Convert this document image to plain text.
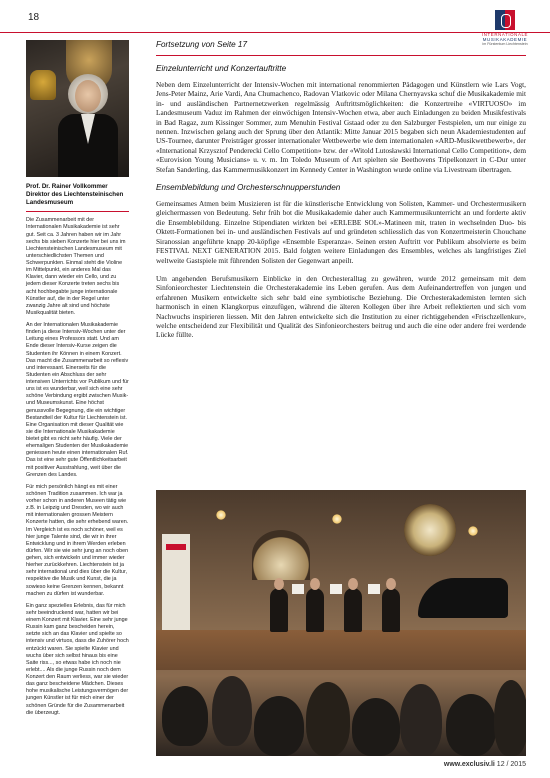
18
INTERNATIONALE
MUSIKAKADEMIE
im Fürstentum Liechtenstein
Prof. Dr. Rainer Vollkommer
Direktor des Liechtensteinischen Landesmuseum

Die Zusammenarbeit mit der Internationalen Musikakademie ist sehr gut. Seit ca. 3 Jahren haben wir im Jahr sechs bis sieben Konzerte hier bei uns im Liechtensteinischen Landesmuseum mit unterschiedlichsten Themen und Schwerpunkten. Einmal steht die Violine im Mittelpunkt, ein anderes Mal das Klavier, dann wieder ein Cello, und zu jedem dieser Konzerte treten sechs bis acht hochbegabte junge internationale Künstler auf, die in der Regel unter zwanzig Jahre alt sind und höchste Musikqualität bieten.

An der Internationalen Musikakademie finden ja diese Intensiv-Wochen unter der Leitung eines Professors statt. Und am Ende dieser Intensiv-Kurse zeigen die Studenten ihr Können in einem Konzert. Das macht die Zusammenarbeit so reflexiv und interessant. Einerseits für die Studenten ein Abschluss der sehr intensiven Unterrichts vor Publikum und für uns ist es wunderbar, weil sich eine sehr schöne Verbindung ergibt zwischen Musik- und Museumskunst. Eine höchst genussvolle Begegnung, die ein wichtiger Bestandteil der Kultur für Liechtenstein ist. Eine Organisation mit dieser Qualität wie sie die Internationale Musikakademie bietet gibt es nicht sehr häufig. Viele der ehemaligen Studenten der Musikakademie geniessen heute einen internationalen Ruf. Das ist eine sehr gute Öffentlichkeitsarbeit mit positiver Ausstrahlung, weit über die Grenzen des Landes.

Für mich persönlich hängt es mit einer schönen Tradition zusammen. Ich war ja vorher schon in anderen Museen tätig wie z.B. in Leipzig und Dresden, wo wir auch mit internationalen grossen Meistern Konzerte hatten, die sehr erhebend waren. Im Vergleich ist es noch schöner, weil es hier junge Talente sind, die wir in ihrer Entwicklung und in ihrem Werden erleben dürfen. Wir sie wie sehr jung an noch oben gehen, sich entwickeln und immer wieder hierher zurückkehren. Liechtenstein ist ja sehr international und dies über die Kultur, respektive die Musik und Kunst, die ja sowieso keine Grenzen kennen, bekannt machen zu dürfen ist wunderbar.

Ein ganz spezielles Erlebnis, das für mich sehr beeindruckend war, hatten wir bei einem Konzert mit Klavier. Eine sehr junge Russin kam ganz bescheiden herein, setzte sich an das Klavier und spielte so intensiv und virtuos, dass die Zuhörer hoch entzückt waren. Sie spielte Klavier und wuchs über sich selbst hinaus bis eine Saite riss..., so etwas habe ich noch nie erlebt.... Als die junge Russin noch dem Konzert den Raum verliess, war sie wieder das ganz bescheidene Mädchen. Dieses hohe musikalische Leistungsvermögen der jungen Künstler ist für mich einer der schönen Gründe für die Zusammenarbeit die überzeugt.

Fortsetzung von Seite 17
Einzelunterricht und Konzertauftritte

Neben dem Einzelunterricht der Intensiv-Wochen mit international renommierten Pädagogen und Künstlern wie Lars Vogt, Jens-Peter Mainz, Arie Vardi, Ana Chumachenco, Radovan Vlatkovic oder Milana Chernyavska schuf die Musikakademie mit in- und ausländischen Partnernetzwerken regelmässig Auftrittsmöglichkeiten: die Konzertreihe «VIRTUOSO» im Landesmuseum Vaduz im Rahmen der einwöchigen Intensiv-Wochen etwa, aber auch Einladungen zu beiden Musikfestivals in Bad Ragaz, zum Kissinger Sommer, zum Menuhin Festival Gstaad oder zu den Salzburger Festspielen, um nur einige zu nennen. Inzwischen gelang auch der Sprung über den Atlantik: Mitte Januar 2015 begaben sich neun Akademiestudenten auf US-Tournee, darunter Preisträger grosser internationaler Wettbewerbe wie dem internationalen «ARD-Musikwettbewerb», der «International Krzysztof Penderecki Cello Competition» bzw. der «Witold Lutosławski International Cello Competition», dem «Eurovision Young Musicians» u. v. m. Im Toledo Museum of Art spielten sie Beethovens Tripelkonzert in C-Dur unter Stefan Sanderling, das Kammermusikkonzert im Kennedy Center in Washington wurde online via Livestream übertragen.

Ensemblebildung und Orchesterschnupperstunden

Gemeinsames Atmen beim Musizieren ist für die künstlerische Entwicklung von Solisten, Kammer- und Orchestermusikern gleichermassen von Bedeutung. Sehr früh bot die Musikakademie daher auch Kammermusikunterricht an und forderte aktiv die Ensemblebildung. Einzelne Stipendiaten wirkten bei «ERLEBE SOL»-Matineen mit, traten in wechselnden Duo- bis Oktett-Formationen bei in- und ausländischen Festivals auf und gründeten schliesslich das von Konzertmeisterin Chouchane Siranossian angeführte knapp 20-köpfige «Ensemble Esperanza». Seinen ersten Auftritt vor Publikum absolvierte es beim FESTIVAL NEXT GENERATION 2015. Bald folgten weitere Einladungen des Ensembles, welches als langfristiges Ziel weltweite Gastspiele mit führenden Solisten der Gegenwart anpeilt.

Um angehenden Berufsmusikern Einblicke in den Orchesteralltag zu gewähren, wurde 2012 gemeinsam mit dem Sinfonieorchester Liechtenstein die Orchesterakademie ins Leben gerufen. Aus dem Aufeinandertreffen von jungen und erfahrenen Musikern entwickelte sich sehr bald eine symbiotische Beziehung. Die Orchesterakademisten lernten sich harmonisch in einen Klangkorpus einzufügen, während die älteren Kollegen über ihre Arbeit reflektierten und sich vom Nachwuchs inspirieren liessen. Mit den Jahren entwickelte sich die Institution zu einer richtiggehenden «Frischzellenkur», welche entscheidend zur Flexibilität und Qualität des Sinfonieorchesters beitrug und auch die eine oder andere frei werdende Lücke füllte.

www.exclusiv.li 12 / 2015
